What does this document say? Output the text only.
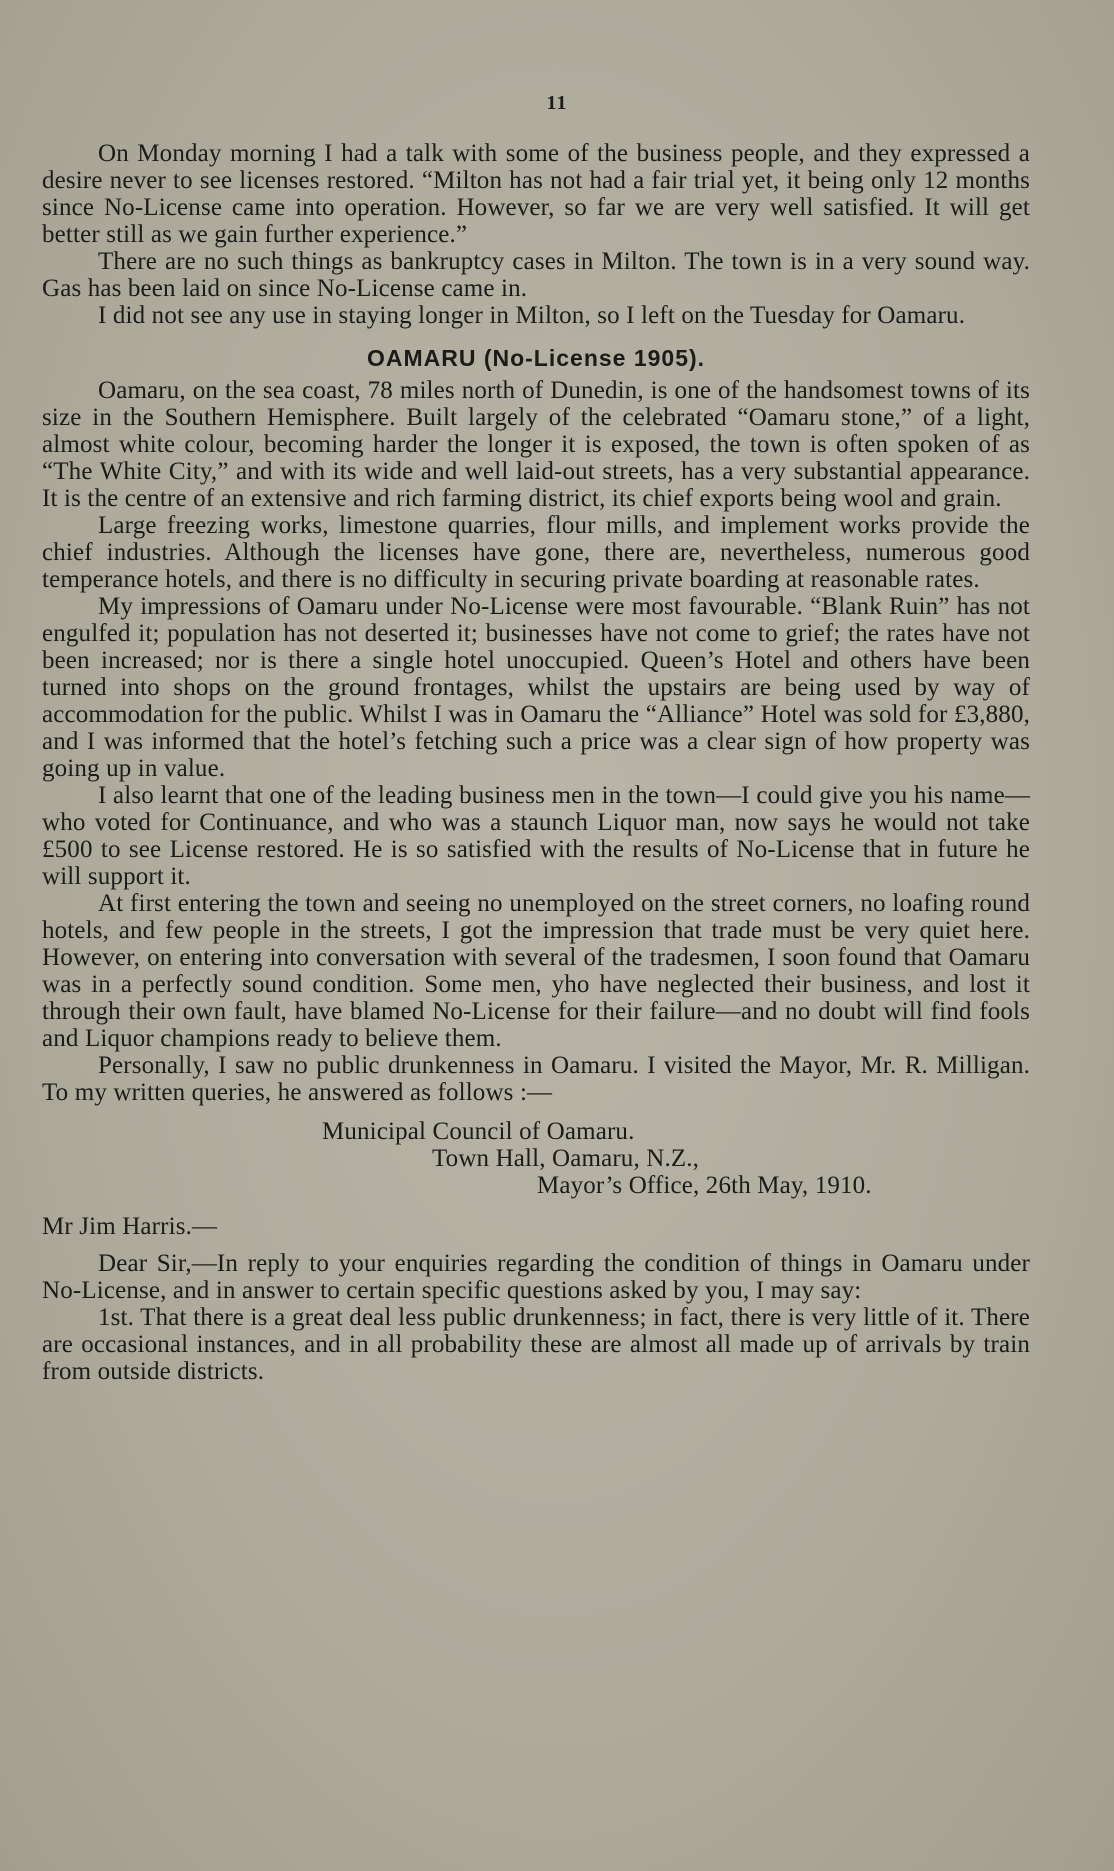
11

On Monday morning I had a talk with some of the business people, and they expressed a desire never to see licenses restored. “Milton has not had a fair trial yet, it being only 12 months since No-License came into operation. However, so far we are very well satisfied. It will get better still as we gain further experience.”

There are no such things as bankruptcy cases in Milton. The town is in a very sound way. Gas has been laid on since No-License came in.

I did not see any use in staying longer in Milton, so I left on the Tuesday for Oamaru.

OAMARU (No-License 1905).

Oamaru, on the sea coast, 78 miles north of Dunedin, is one of the handsomest towns of its size in the Southern Hemisphere. Built largely of the celebrated “Oamaru stone,” of a light, almost white colour, becoming harder the longer it is exposed, the town is often spoken of as “The White City,” and with its wide and well laid-out streets, has a very substantial appearance. It is the centre of an extensive and rich farming district, its chief exports being wool and grain.

Large freezing works, limestone quarries, flour mills, and implement works provide the chief industries. Although the licenses have gone, there are, nevertheless, numerous good temperance hotels, and there is no difficulty in securing private boarding at reasonable rates.

My impressions of Oamaru under No-License were most favourable. “Blank Ruin” has not engulfed it; population has not deserted it; businesses have not come to grief; the rates have not been increased; nor is there a single hotel unoccupied. Queen’s Hotel and others have been turned into shops on the ground frontages, whilst the upstairs are being used by way of accommodation for the public. Whilst I was in Oamaru the “Alliance” Hotel was sold for £3,880, and I was informed that the hotel’s fetching such a price was a clear sign of how property was going up in value.

I also learnt that one of the leading business men in the town—I could give you his name—who voted for Continuance, and who was a staunch Liquor man, now says he would not take £500 to see License restored. He is so satisfied with the results of No-License that in future he will support it.

At first entering the town and seeing no unemployed on the street corners, no loafing round hotels, and few people in the streets, I got the impression that trade must be very quiet here. However, on entering into conversation with several of the tradesmen, I soon found that Oamaru was in a perfectly sound condition. Some men, yho have neglected their business, and lost it through their own fault, have blamed No-License for their failure—and no doubt will find fools and Liquor champions ready to believe them.

Personally, I saw no public drunkenness in Oamaru. I visited the Mayor, Mr. R. Milligan. To my written queries, he answered as follows :—

Municipal Council of Oamaru.
Town Hall, Oamaru, N.Z.,
Mayor’s Office, 26th May, 1910.

Mr Jim Harris.—

Dear Sir,—In reply to your enquiries regarding the condition of things in Oamaru under No-License, and in answer to certain specific questions asked by you, I may say:

1st. That there is a great deal less public drunkenness; in fact, there is very little of it. There are occasional instances, and in all probability these are almost all made up of arrivals by train from outside districts.
